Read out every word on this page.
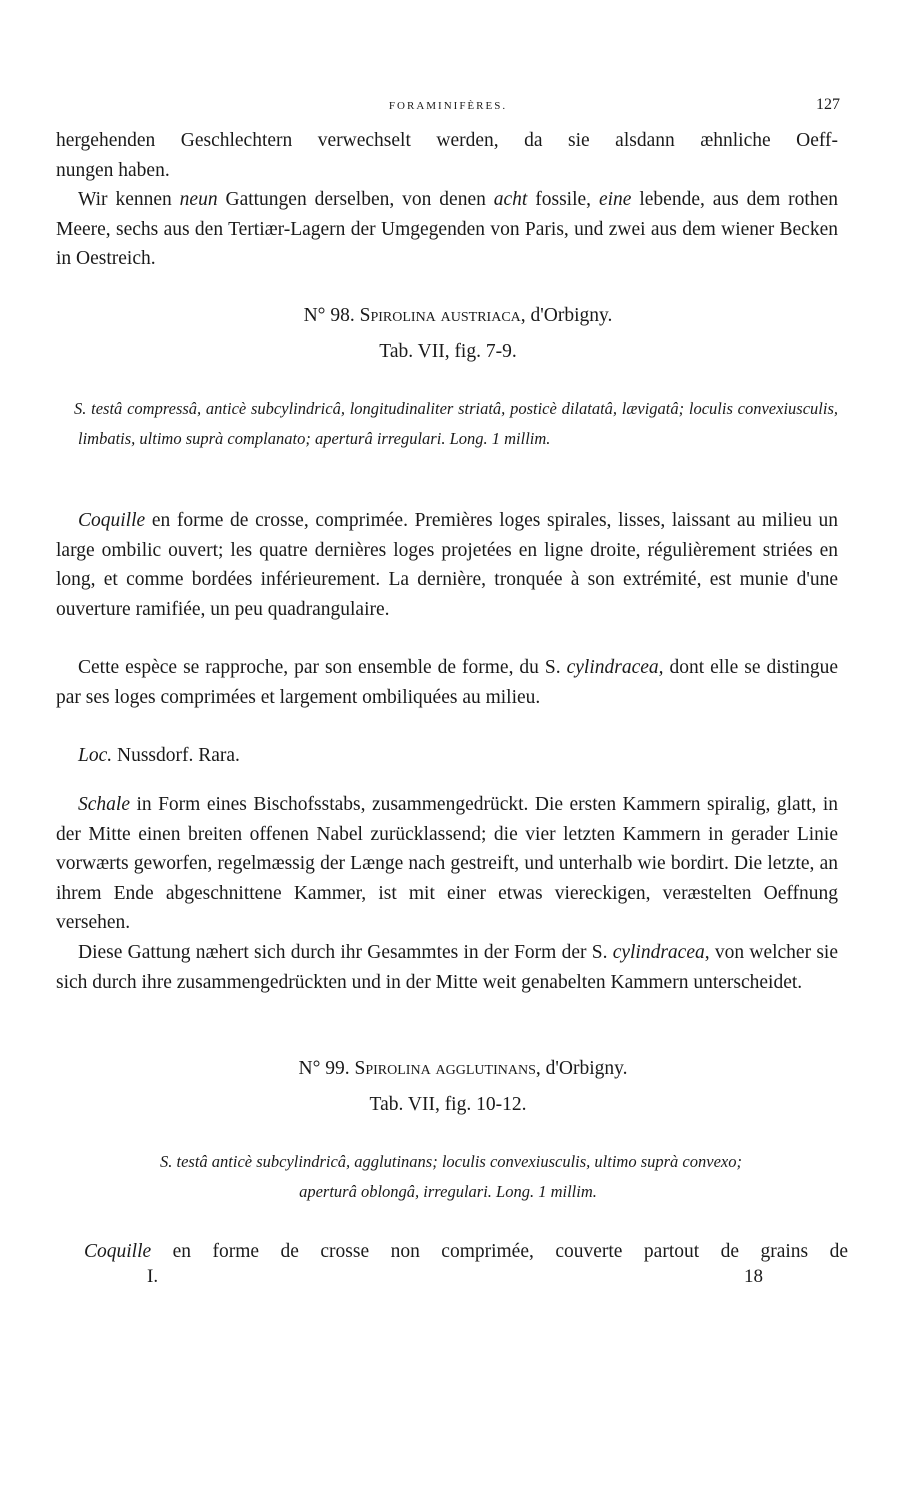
FORAMINIFÈRES.	127

hergehenden Geschlechtern verwechselt werden, da sie alsdann æhnliche Oeff-

nungen haben.

Wir kennen neun Gattungen derselben, von denen acht fossile, eine lebende, aus dem rothen Meere, sechs aus den Tertiær-Lagern der Umgegenden von Paris, und zwei aus dem wiener Becken in Oestreich.

N° 98. Spirolina austriaca, d'Orbigny.
Tab. VII, fig. 7-9.

S. testâ compressâ, anticè subcylindricâ, longitudinaliter striatâ, posticè dilatatâ, lævigatâ; loculis convexiusculis, limbatis, ultimo suprà complanato; aperturâ irregulari. Long. 1 millim.

Coquille en forme de crosse, comprimée. Premières loges spirales, lisses, laissant au milieu un large ombilic ouvert; les quatre dernières loges projetées en ligne droite, régulièrement striées en long, et comme bordées inférieurement. La dernière, tronquée à son extrémité, est munie d'une ouverture ramifiée, un peu quadrangulaire.

Cette espèce se rapproche, par son ensemble de forme, du S. cylindracea, dont elle se distingue par ses loges comprimées et largement ombiliquées au milieu.

Loc. Nussdorf. Rara.

Schale in Form eines Bischofsstabs, zusammengedrückt. Die ersten Kammern spiralig, glatt, in der Mitte einen breiten offenen Nabel zurücklassend; die vier letzten Kammern in gerader Linie vorwærts geworfen, regelmæssig der Længe nach gestreift, und unterhalb wie bordirt. Die letzte, an ihrem Ende abgeschnittene Kammer, ist mit einer etwas viereckigen, veræstelten Oeffnung versehen.

Diese Gattung næhert sich durch ihr Gesammtes in der Form der S. cylindracea, von welcher sie sich durch ihre zusammengedrückten und in der Mitte weit genabelten Kammern unterscheidet.

N° 99. Spirolina agglutinans, d'Orbigny.
Tab. VII, fig. 10-12.
S. testâ anticè subcylindricâ, agglutinans; loculis convexiusculis, ultimo suprà convexo;
aperturâ oblongâ, irregulari. Long. 1 millim.

Coquille en forme de crosse non comprimée, couverte partout de grains de

I.	18
